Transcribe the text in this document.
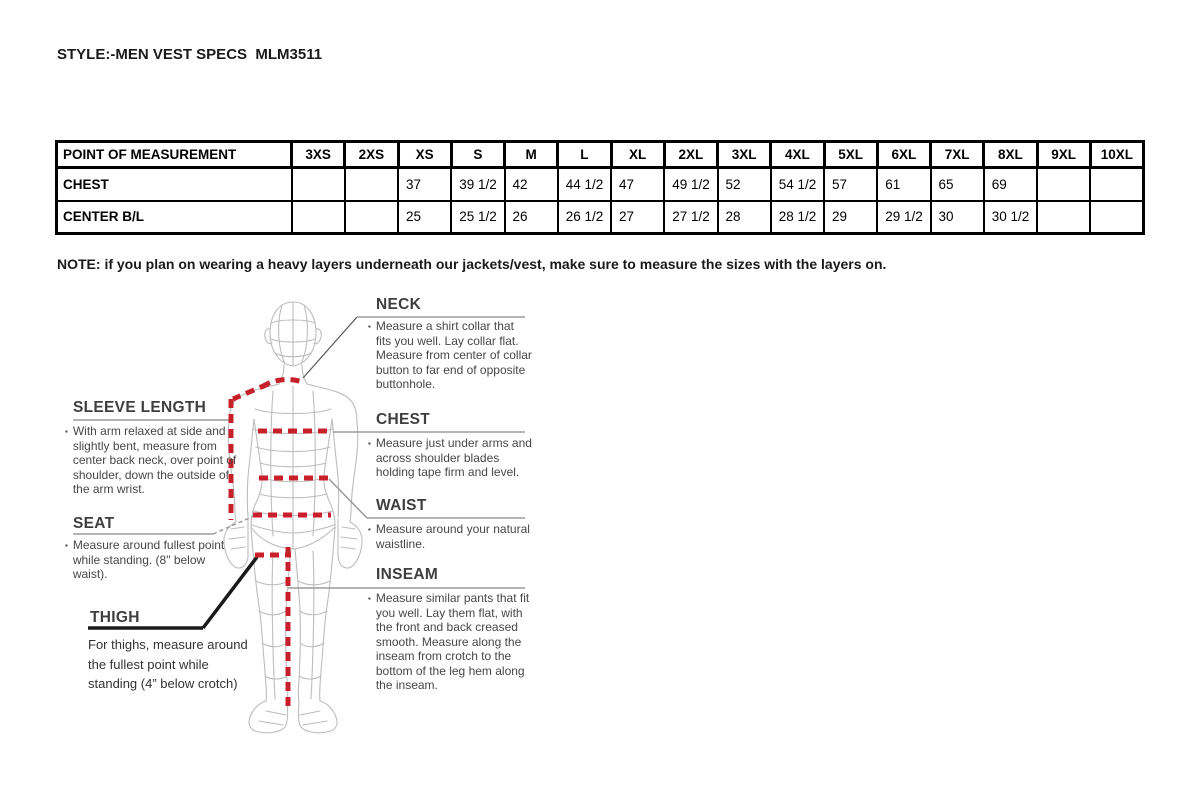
STYLE:-MEN VEST SPECS  MLM3511
POINT OF MEASUREMENT	3XS	2XS	XS	S	M	L	XL	2XL	3XL	4XL	5XL	6XL	7XL	8XL	9XL	10XL
CHEST			37	39 1/2	42	44 1/2	47	49 1/2	52	54 1/2	57	61	65	69		
CENTER B/L			25	25 1/2	26	26 1/2	27	27 1/2	28	28 1/2	29	29 1/2	30	30 1/2		
NOTE: if you plan on wearing a heavy layers underneath our jackets/vest, make sure to measure the sizes with the layers on.
SLEEVE LENGTH
▪ With arm relaxed at side and slightly bent, measure from center back neck, over point of shoulder, down the outside of the arm wrist.
SEAT
▪ Measure around fullest point while standing. (8" below waist).
THIGH
For thighs, measure around the fullest point while standing (4” below crotch)
NECK
▪ Measure a shirt collar that fits you well. Lay collar flat. Measure from center of collar button to far end of opposite buttonhole.
CHEST
▪ Measure just under arms and across shoulder blades holding tape firm and level.
WAIST
▪ Measure around your natural waistline.
INSEAM
▪ Measure similar pants that fit you well. Lay them flat, with the front and back creased smooth. Measure along the inseam from crotch to the bottom of the leg hem along the inseam.
